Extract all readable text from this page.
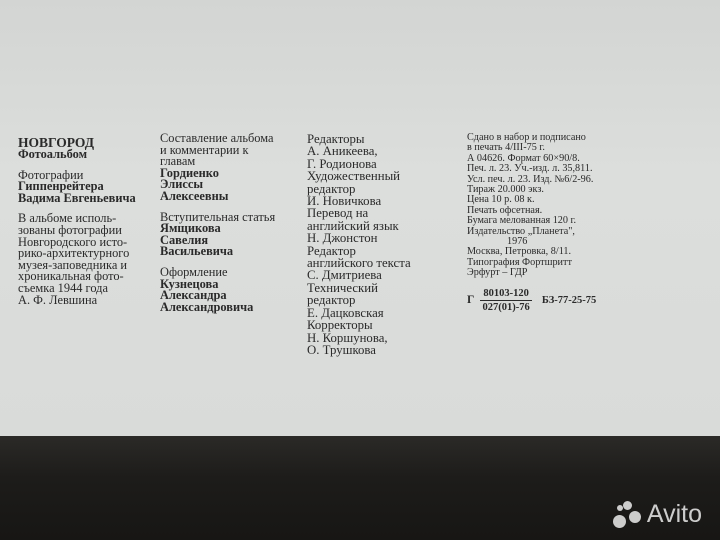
НОВГОРОД
Фотоальбом
Фотографии
Гиппенрейтера
Вадима Евгеньевича
В альбоме исполь-
зованы фотографии
Новгородского исто-
рико-архитектурного
музея-заповедника и
хроникальная фото-
съемка 1944 года
А. Ф. Левшина
Составление альбома
и комментарии к
главам
Гордиенко
Элиссы
Алексеевны
Вступительная статья
Ямщикова
Савелия
Васильевича
Оформление
Кузнецова
Александра
Александровича
Редакторы
А. Аникеева,
Г. Родионова
Художественный
редактор
И. Новичкова
Перевод на
английский язык
Н. Джонстон
Редактор
английского текста
С. Дмитриева
Технический
редактор
Е. Дацковская
Корректоры
Н. Коршунова,
О. Трушкова
Сдано в набор и подписано
в печать 4/III-75 г.
А 04626. Формат 60×90/8.
Печ. л. 23. Уч.-изд. л. 35,811.
Усл. печ. л. 23. Изд. №6/2-96.
Тираж 20.000 экз.
Цена 10 р. 08 к.
Печать офсетная.
Бумага мелованная 120 г.
Издательство „Планета",
1976
Москва, Петровка, 8/11.
Типография Фортшритт
Эрфурт – ГДР
Г $\frac{80103-120}{027(01)-76} БЗ-77-25-75$
Avito
